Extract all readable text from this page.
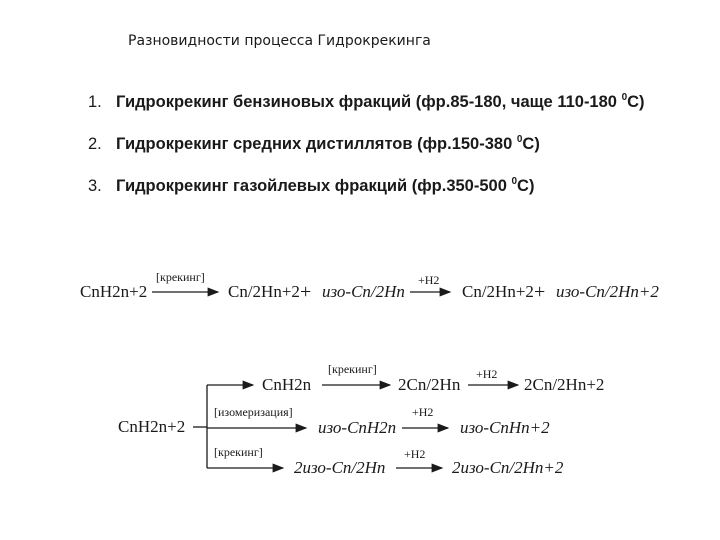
Разновидности процесса Гидрокрекинга
1. Гидрокрекинг бензиновых фракций (фр.85-180, чаще 110-180 $^0$С)
2. Гидрокрекинг средних дистиллятов (фр.150-380 $^0$С)
3. Гидрокрекинг газойлевых фракций (фр.350-500 $^0$С)
CnH2n+2
[крекинг]
Cn/2Hn+2 + изо-Cn/2Hn
+H2
Cn/2Hn+2 + изо-Cn/2Hn+2
CnH2n+2
CnH2n
[крекинг]
2Cn/2Hn
+H2
2Cn/2Hn+2
[изомеризация]
изо-CnH2n
+H2
изо-CnHn+2
[крекинг]
2изо-Cn/2Hn
+H2
2изо-Cn/2Hn+2
